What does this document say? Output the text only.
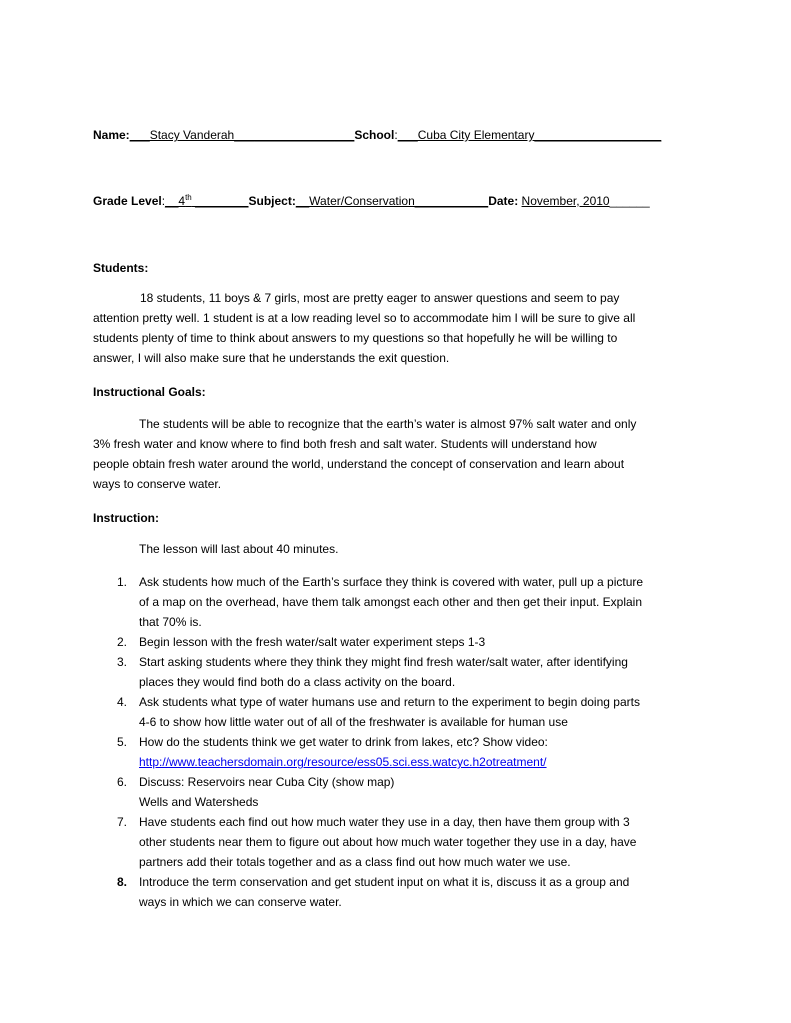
Name:___Stacy Vanderah__________________School:___Cuba City Elementary___________________
Grade Level:__4th ________Subject:__Water/Conservation___________Date: November, 2010______
Students:
18 students, 11 boys & 7 girls, most are pretty eager to answer questions and seem to pay
attention pretty well. 1 student is at a low reading level so to accommodate him I will be sure to give all
students plenty of time to think about answers to my questions so that hopefully he will be willing to
answer, I will also make sure that he understands the exit question.
Instructional Goals:
The students will be able to recognize that the earth’s water is almost 97% salt water and only
3% fresh water and know where to find both fresh and salt water. Students will understand how
people obtain fresh water around the world, understand the concept of conservation and learn about
ways to conserve water.
Instruction:
The lesson will last about 40 minutes.
1. Ask students how much of the Earth’s surface they think is covered with water, pull up a picture
of a map on the overhead, have them talk amongst each other and then get their input. Explain
that 70% is.
2. Begin lesson with the fresh water/salt water experiment steps 1-3
3. Start asking students where they think they might find fresh water/salt water, after identifying
places they would find both do a class activity on the board.
4. Ask students what type of water humans use and return to the experiment to begin doing parts
4-6 to show how little water out of all of the freshwater is available for human use
5. How do the students think we get water to drink from lakes, etc? Show video:
http://www.teachersdomain.org/resource/ess05.sci.ess.watcyc.h2otreatment/
6. Discuss: Reservoirs near Cuba City (show map)
Wells and Watersheds
7. Have students each find out how much water they use in a day, then have them group with 3
other students near them to figure out about how much water together they use in a day, have
partners add their totals together and as a class find out how much water we use.
8. Introduce the term conservation and get student input on what it is, discuss it as a group and
ways in which we can conserve water.
